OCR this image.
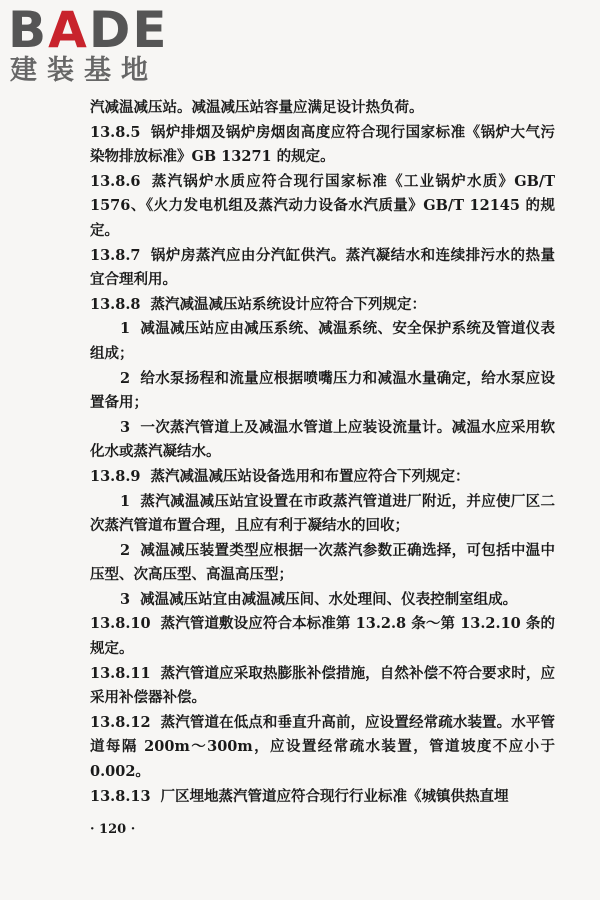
BADE
建装基地

汽减温减压站。减温减压站容量应满足设计热负荷。

13.8.5 锅炉排烟及锅炉房烟囱高度应符合现行国家标准《锅炉大气污染物排放标准》GB 13271 的规定。

13.8.6 蒸汽锅炉水质应符合现行国家标准《工业锅炉水质》GB/T 1576、《火力发电机组及蒸汽动力设备水汽质量》GB/T 12145 的规定。

13.8.7 锅炉房蒸汽应由分汽缸供汽。蒸汽凝结水和连续排污水的热量宜合理利用。

13.8.8 蒸汽减温减压站系统设计应符合下列规定：

1 减温减压站应由减压系统、减温系统、安全保护系统及管道仪表组成；

2 给水泵扬程和流量应根据喷嘴压力和减温水量确定，给水泵应设置备用；

3 一次蒸汽管道上及减温水管道上应装设流量计。减温水应采用软化水或蒸汽凝结水。

13.8.9 蒸汽减温减压站设备选用和布置应符合下列规定：

1 蒸汽减温减压站宜设置在市政蒸汽管道进厂附近，并应使厂区二次蒸汽管道布置合理，且应有利于凝结水的回收；

2 减温减压装置类型应根据一次蒸汽参数正确选择，可包括中温中压型、次高压型、高温高压型；

3 减温减压站宜由减温减压间、水处理间、仪表控制室组成。

13.8.10 蒸汽管道敷设应符合本标准第 13.2.8 条～第 13.2.10 条的规定。

13.8.11 蒸汽管道应采取热膨胀补偿措施，自然补偿不符合要求时，应采用补偿器补偿。

13.8.12 蒸汽管道在低点和垂直升高前，应设置经常疏水装置。水平管道每隔 200m～300m，应设置经常疏水装置，管道坡度不应小于 0.002。

13.8.13 厂区埋地蒸汽管道应符合现行行业标准《城镇供热直埋

· 120 ·
